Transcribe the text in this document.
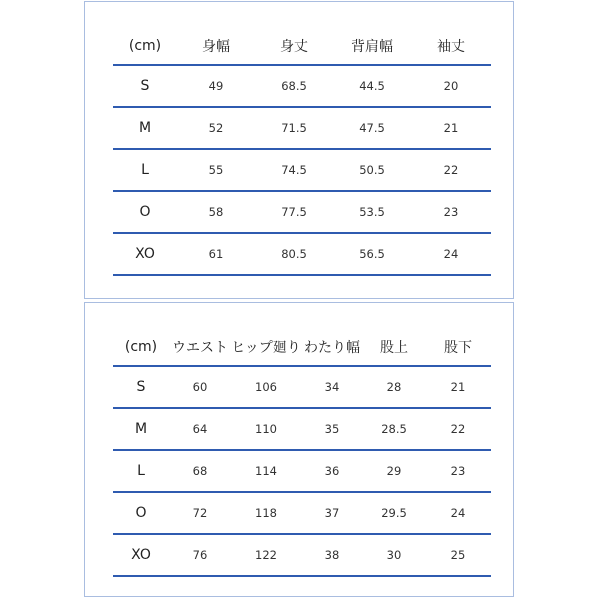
(cm)	身幅	身丈	背肩幅	袖丈
S	49	68.5	44.5	20
M	52	71.5	47.5	21
L	55	74.5	50.5	22
O	58	77.5	53.5	23
XO	61	80.5	56.5	24
(cm)	ウエスト	ヒップ廻り	わたり幅	股上	股下
S	60	106	34	28	21
M	64	110	35	28.5	22
L	68	114	36	29	23
O	72	118	37	29.5	24
XO	76	122	38	30	25
